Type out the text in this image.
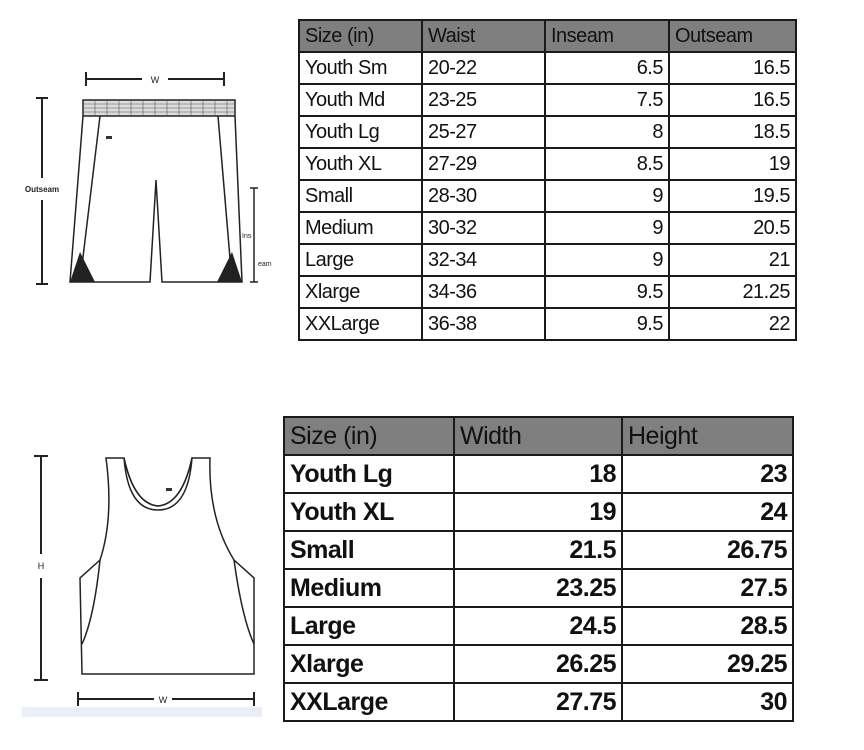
W
Outseam
Ins
eam
Size (in)	Waist	Inseam	Outseam
Youth Sm	20-22	6.5	16.5
Youth Md	23-25	7.5	16.5
Youth Lg	25-27	8	18.5
Youth XL	27-29	8.5	19
Small	28-30	9	19.5
Medium	30-32	9	20.5
Large	32-34	9	21
Xlarge	34-36	9.5	21.25
XXLarge	36-38	9.5	22
H
W
Size (in)	Width	Height
Youth Lg	18	23
Youth XL	19	24
Small	21.5	26.75
Medium	23.25	27.5
Large	24.5	28.5
Xlarge	26.25	29.25
XXLarge	27.75	30
